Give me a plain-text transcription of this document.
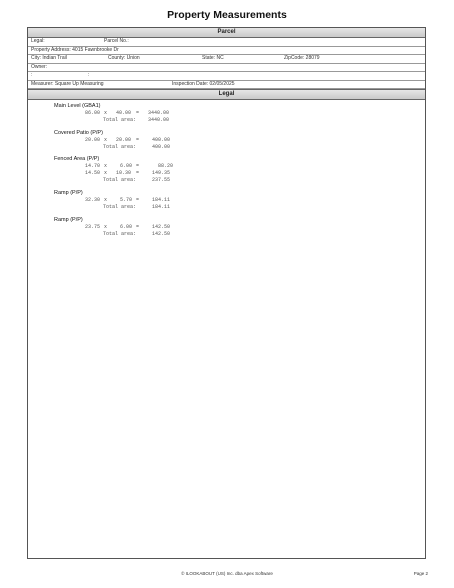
Property Measurements
Parcel
Legal:	Parcel No.:
Property Address: 4015 Fawnbrooke Dr
City: Indian Trail	County: Union	State: NC	ZipCode: 28079
Owner:
:	:
Measurer: Square Up Measuring	Inspection Date: 02/05/2025
Legal
Main Level (GBA1)
86.00 x 40.00 = 3440.00
Total area: 3440.00
Covered Patio (P/P)
20.00 x 20.00 =	400.00
Total area:	400.00
Fenced Area (P/P)
14.70 x	6.00 =	88.20
14.50 x 10.30 =	149.35
Total area:	237.55
Ramp (P/P)
32.30 x	5.70 =	184.11
Total area:	184.11
Ramp (P/P)
23.75 x	6.00 =	142.50
Total area:	142.50
© ILOOKABOUT (US) Inc. dba Apex Software	Page 2
